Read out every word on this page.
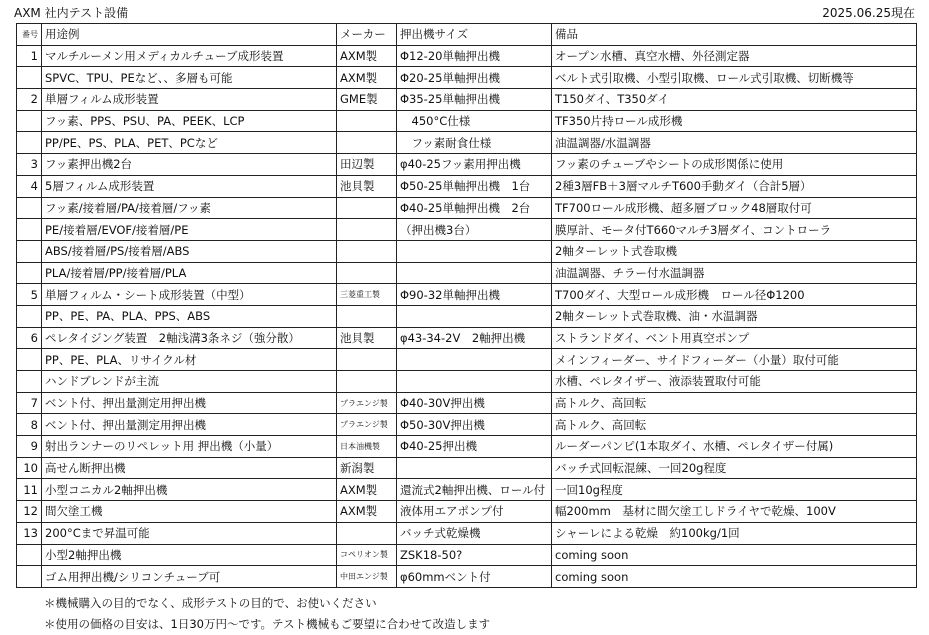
AXM 社内テスト設備	2025.06.25現在
番号	用途例	メーカー	押出機サイズ	備品
1	マルチルーメン用メディカルチューブ成形装置	AXM製	Φ12-20単軸押出機	オープン水槽、真空水槽、外径測定器
	SPVC、TPU、PEなど、、多層も可能	AXM製	Φ20-25単軸押出機	ベルト式引取機、小型引取機、ロール式引取機、切断機等
2	単層フィルム成形装置	GME製	Φ35-25単軸押出機	T150ダイ、T350ダイ
	フッ素、PPS、PSU、PA、PEEK、LCP		　450°C仕様	TF350片持ロール成形機
	PP/PE、PS、PLA、PET、PCなど		　フッ素耐食仕様	油温調器/水温調器
3	フッ素押出機2台	田辺製	φ40-25フッ素用押出機	フッ素のチューブやシートの成形関係に使用
4	5層フィルム成形装置	池貝製	Φ50-25単軸押出機　1台	2種3層FB＋3層マルチT600手動ダイ（合計5層）
	フッ素/接着層/PA/接着層/フッ素		Φ40-25単軸押出機　2台	TF700ロール成形機、超多層ブロック48層取付可
	PE/接着層/EVOF/接着層/PE		（押出機3台）	膜厚計、モータ付T660マルチ3層ダイ、コントローラ
	ABS/接着層/PS/接着層/ABS			2軸ターレット式巻取機
	PLA/接着層/PP/接着層/PLA			油温調器、チラー付水温調器
5	単層フィルム・シート成形装置（中型）	三菱重工製	Φ90-32単軸押出機	T700ダイ、大型ロール成形機　ロール径Φ1200
	PP、PE、PA、PLA、PPS、ABS			2軸ターレット式巻取機、油・水温調器
6	ペレタイジング装置　2軸浅溝3条ネジ（強分散）	池貝製	φ43-34-2V　2軸押出機	ストランドダイ、ベント用真空ポンプ
	PP、PE、PLA、リサイクル材			メインフィーダー、サイドフィーダー（小量）取付可能
	ハンドブレンドが主流			水槽、ペレタイザー、液添装置取付可能
7	ベント付、押出量測定用押出機	プラエンジ製	Φ40-30V押出機	高トルク、高回転
8	ベント付、押出量測定用押出機	プラエンジ製	Φ50-30V押出機	高トルク、高回転
9	射出ランナーのリペレット用 押出機（小量）	日本油機製	Φ40-25押出機	ルーダーパンピ(1本取ダイ、水槽、ペレタイザー付属)
10	高せん断押出機	新潟製		バッチ式回転混練、一回20g程度
11	小型コニカル2軸押出機	AXM製	還流式2軸押出機、ロール付	一回10g程度
12	間欠塗工機	AXM製	液体用エアポンプ付	幅200mm　基材に間欠塗工しドライヤで乾燥、100V
13	200°Cまで昇温可能		バッチ式乾燥機	シャーレによる乾燥　約100kg/1回
	小型2軸押出機	コペリオン製	ZSK18-50?	coming soon
	ゴム用押出機/シリコンチューブ可	中田エンジ製	φ60mmベント付	coming soon
＊機械購入の目的でなく、成形テストの目的で、お使いください
＊使用の価格の目安は、1日30万円〜です。テスト機械もご要望に合わせて改造します
